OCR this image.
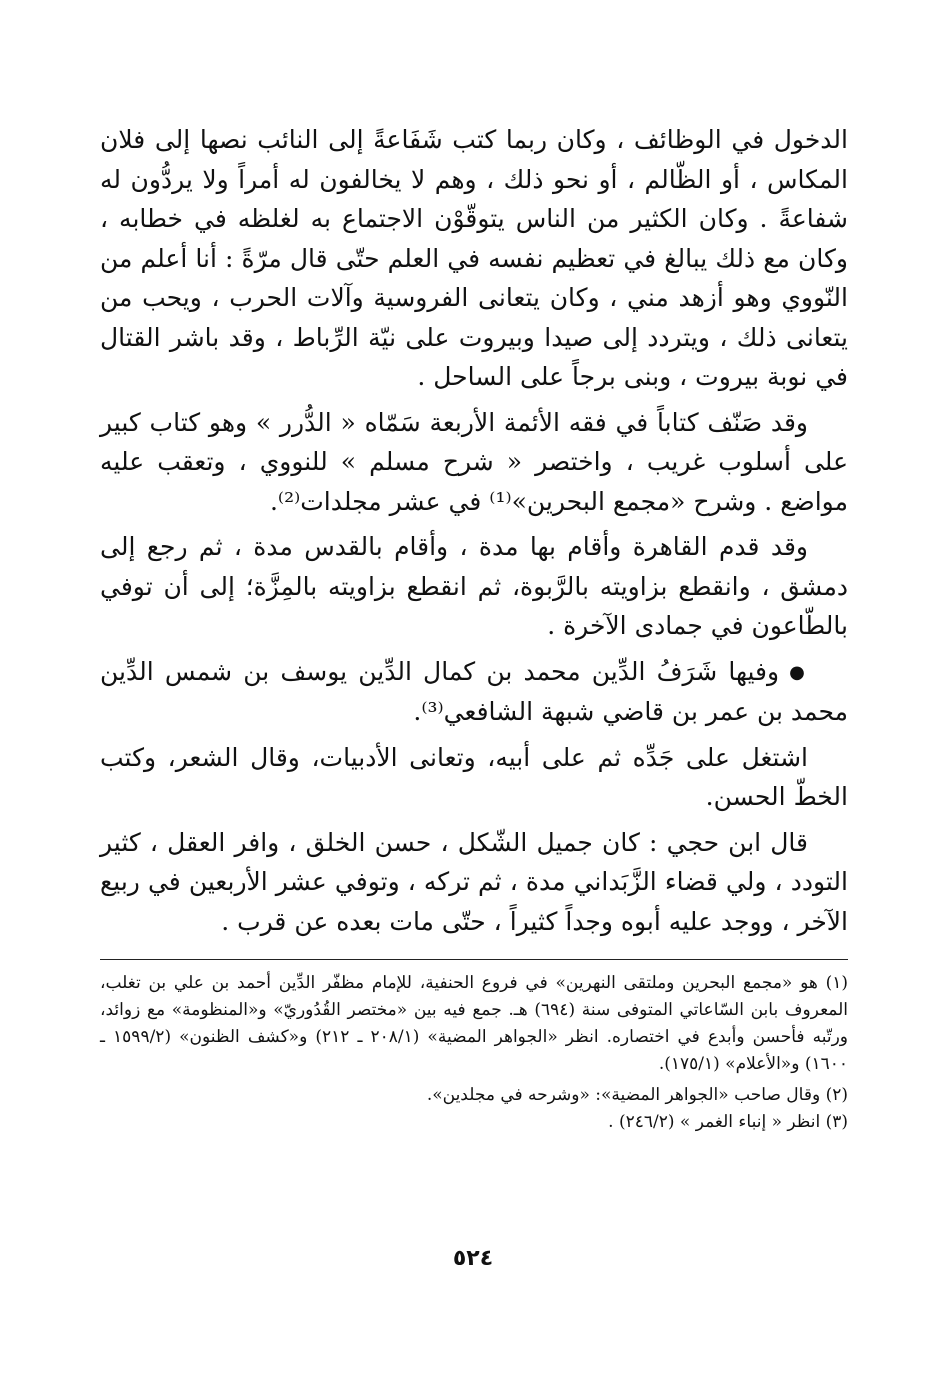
الدخول في الوظائف ، وكان ربما كتب شَفَاعةً إلى النائب نصها إلى فلان المكاس ، أو الظّالم ، أو نحو ذلك ، وهم لا يخالفون له أمراً ولا يردُّون له شفاعةً . وكان الكثير من الناس يتوقّوْن الاجتماع به لغلظه في خطابه ، وكان مع ذلك يبالغ في تعظيم نفسه في العلم حتّى قال مرّةً : أنا أعلم من النّووي وهو أزهد مني ، وكان يتعانى الفروسية وآلات الحرب ، ويحب من يتعانى ذلك ، ويتردد إلى صيدا وبيروت على نيّة الرِّباط ، وقد باشر القتال في نوبة بيروت ، وبنى برجاً على الساحل .

وقد صَنّف كتاباً في فقه الأئمة الأربعة سَمّاه « الدُّرر » وهو كتاب كبير على أسلوب غريب ، واختصر « شرح مسلم » للنووي ، وتعقب عليه مواضع . وشرح «مجمع البحرين»⁽¹⁾ في عشر مجلدات⁽²⁾.

وقد قدم القاهرة وأقام بها مدة ، وأقام بالقدس مدة ، ثم رجع إلى دمشق ، وانقطع بزاويته بالرَّبوة، ثم انقطع بزاويته بالمِزَّة؛ إلى أن توفي بالطّاعون في جمادى الآخرة .

● وفيها شَرَفُ الدِّين محمد بن كمال الدِّين يوسف بن شمس الدِّين محمد بن عمر بن قاضي شبهة الشافعي⁽³⁾.

اشتغل على جَدِّه ثم على أبيه، وتعانى الأدبيات، وقال الشعر، وكتب الخطّ الحسن.

قال ابن حجي : كان جميل الشّكل ، حسن الخلق ، وافر العقل ، كثير التودد ، ولي قضاء الزَّبَداني مدة ، ثم تركه ، وتوفي عشر الأربعين في ربيع الآخر ، ووجد عليه أبوه وجداً كثيراً ، حتّى مات بعده عن قرب .

(١) هو «مجمع البحرين وملتقى النهرين» في فروع الحنفية، للإمام مظفّر الدِّين أحمد بن علي بن تغلب، المعروف بابن السّاعاتي المتوفى سنة (٦٩٤) هـ. جمع فيه بين «مختصر القُدُوريّ» و«المنظومة» مع زوائد، ورتّبه فأحسن وأبدع في اختصاره. انظر «الجواهر المضية» (٢٠٨/١ ـ ٢١٢) و«كشف الظنون» (١٥٩٩/٢ ـ ١٦٠٠) و«الأعلام» (١٧٥/١).

(٢) وقال صاحب «الجواهر المضية»: «وشرحه في مجلدين».

(٣) انظر « إنباء الغمر » (٢٤٦/٢) .

٥٢٤
